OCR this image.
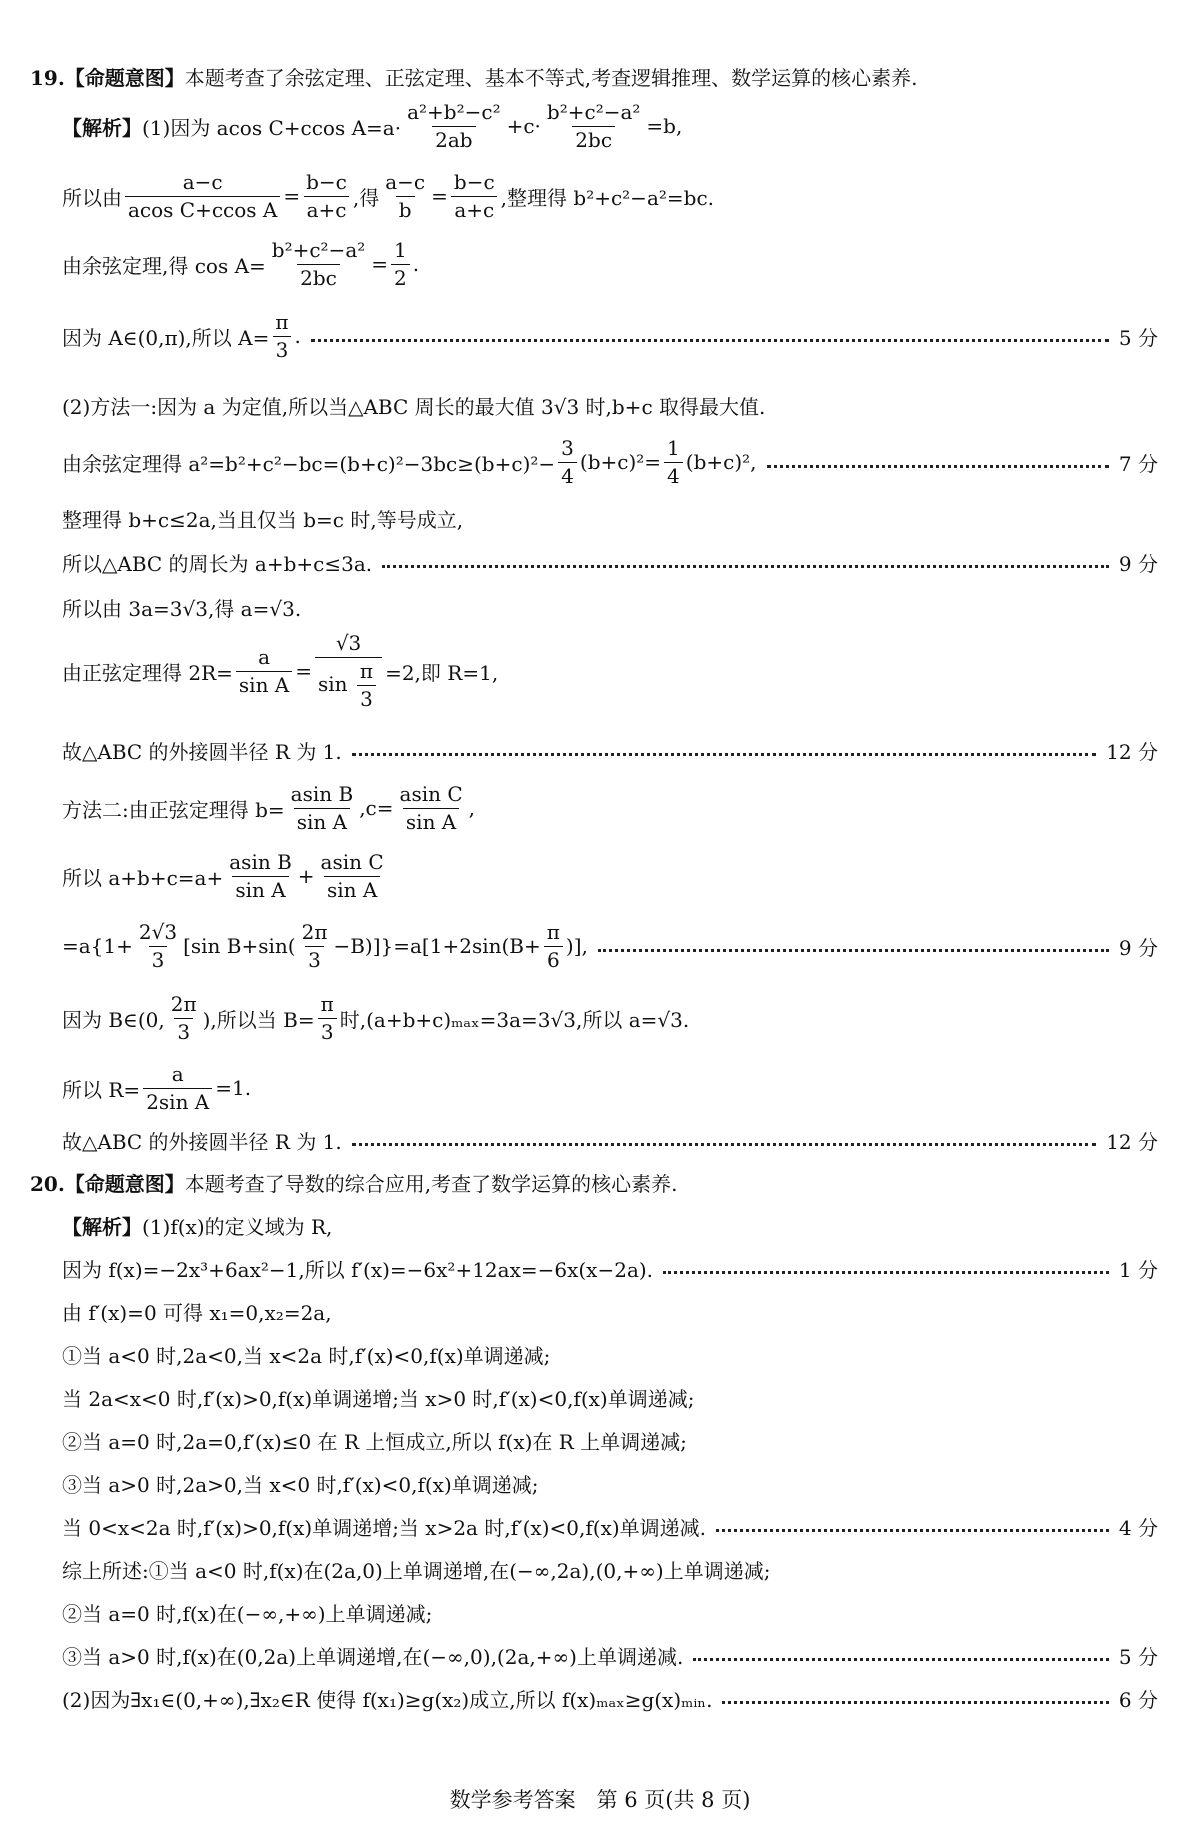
19.【命题意图】 本题考查了余弦定理、正弦定理、基本不等式,考查逻辑推理、数学运算的核心素养.
【解析】 (1)因为 acos C+ccos $A=a\cdot \frac{\text{a²+b²−c²}}{2ab} +c\cdot \frac{\text{b²+c²−a²}}{2bc} =b$,
所以由 $\frac{a-c}{\text{acos C+ccos A}} = \frac{b-c}{a+c}$ ,得 $\frac{a-c}{b} = \frac{b-c}{a+c}$ ,整理得 b²+c²−a²=bc.
由余弦定理,得 $\cos A= \frac{\text{b²+c²−a²}}{2bc} = \frac{1}{2}$ .
因为 A∈(0,π),所以 $A= \frac{\pi}{3}$ .	5 分
(2)方法一:因为 a 为定值,所以当△ABC 周长的最大值 3√3 时,b+c 取得最大值.
由余弦定理得 $a^2=b^2+c^2-bc=(b+c)^2-3bc\ge(b+c)^2- \frac{3}{4} (b+c)^2= \frac{1}{4} (b+c)^2$,	7 分
整理得 b+c≤2a,当且仅当 b=c 时,等号成立,
所以△ABC 的周长为 a+b+c≤3a.	9 分
所以由 3a=3√3,得 a=√3.
由正弦定理得 $2R= \frac{a}{\text{sin A}} = \frac{√3}{\sin \frac{\pi}{3}} =2$,即 R=1,
故△ABC 的外接圆半径 R 为 1.	12 分
方法二:由正弦定理得 $b= \frac{\text{asin B}}{\text{sin A}} ,c= \frac{\text{asin C}}{\text{sin A}}$ ,
所以 $a+b+c=a+ \frac{\text{asin B}}{\text{sin A}} + \frac{\text{asin C}}{\text{sin A}}$
$=a\{1+ \frac{2√3}{3} [\sin$ $B+\sin( \frac{2\pi}{3} -B)]\}=a[1+2\sin(B+ \frac{\pi}{6}$ )],	9 分
因为 B∈(0, $\frac{2\pi}{3}$ ),所以当 $B= \frac{\pi}{3}$ 时,(a+b+c)ₘₐₓ=3a=3√3,所以 a=√3.
所以 $R= \frac{a}{\text{2sin A}} =1$.
故△ABC 的外接圆半径 R 为 1.	12 分
20.【命题意图】 本题考查了导数的综合应用,考查了数学运算的核心素养.
【解析】 (1)f(x)的定义域为 R,
因为 f(x)=−2x³+6ax²−1,所以 f′(x)=−6x²+12ax=−6x(x−2a).	1 分
由 f′(x)=0 可得 x₁=0,x₂=2a,
①当 a<0 时,2a<0,当 x<2a 时,f′(x)<0,f(x)单调递减;
当 2a<x<0 时,f′(x)>0,f(x)单调递增;当 x>0 时,f′(x)<0,f(x)单调递减;
②当 a=0 时,2a=0,f′(x)≤0 在 R 上恒成立,所以 f(x)在 R 上单调递减;
③当 a>0 时,2a>0,当 x<0 时,f′(x)<0,f(x)单调递减;
当 0<x<2a 时,f′(x)>0,f(x)单调递增;当 x>2a 时,f′(x)<0,f(x)单调递减.	4 分
综上所述:①当 a<0 时,f(x)在(2a,0)上单调递增,在(−∞,2a),(0,+∞)上单调递减;
②当 a=0 时,f(x)在(−∞,+∞)上单调递减;
③当 a>0 时,f(x)在(0,2a)上单调递增,在(−∞,0),(2a,+∞)上单调递减.	5 分
(2)因为∃x₁∈(0,+∞),∃x₂∈R 使得 f(x₁)≥g(x₂)成立,所以 f(x)ₘₐₓ≥g(x)ₘᵢₙ.	6 分
数学参考答案　第 6 页(共 8 页)
